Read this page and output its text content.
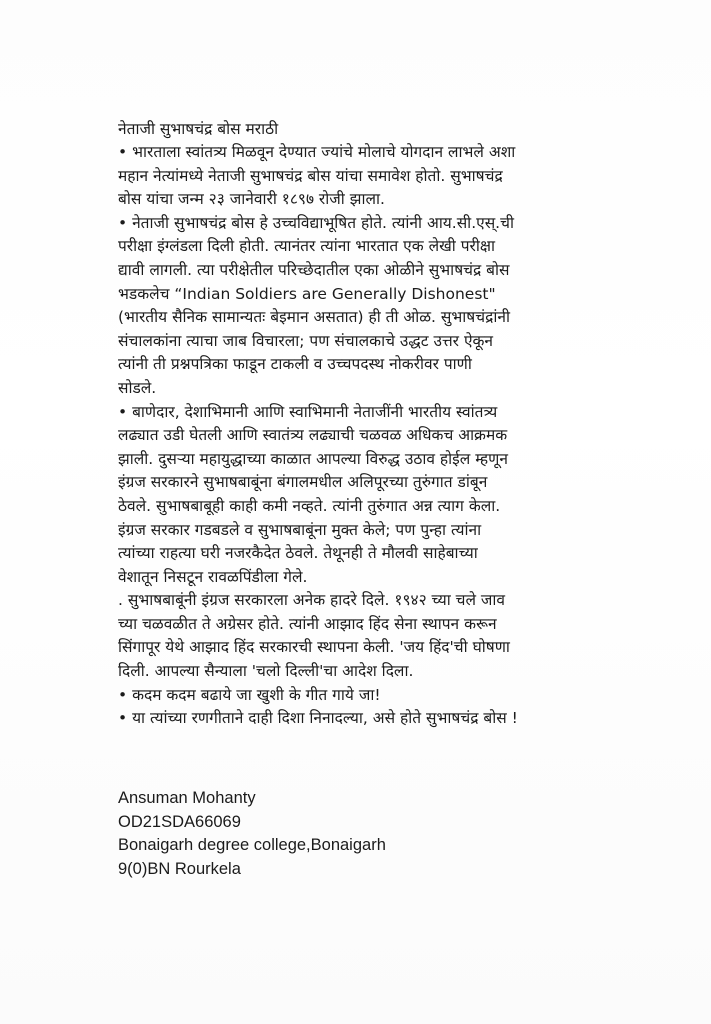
नेताजी सुभाषचंद्र बोस मराठी

• भारताला स्वांतत्र्य मिळवून देण्यात ज्यांचे मोलाचे योगदान लाभले अशा

महान नेत्यांमध्ये नेताजी सुभाषचंद्र बोस यांचा समावेश होतो. सुभाषचंद्र

बोस यांचा जन्म २३ जानेवारी १८९७ रोजी झाला.

• नेताजी सुभाषचंद्र बोस हे उच्चविद्याभूषित होते. त्यांनी आय.सी.एस्.ची

परीक्षा इंग्लंडला दिली होती. त्यानंतर त्यांना भारतात एक लेखी परीक्षा

द्यावी लागली. त्या परीक्षेतील परिच्छेदातील एका ओळीने सुभाषचंद्र बोस

भडकलेच “Indian Soldiers are Generally Dishonest"

(भारतीय सैनिक सामान्यतः बेइमान असतात) ही ती ओळ. सुभाषचंद्रांनी

संचालकांना त्याचा जाब विचारला; पण संचालकाचे उद्धट उत्तर ऐकून

त्यांनी ती प्रश्नपत्रिका फाडून टाकली व उच्चपदस्थ नोकरीवर पाणी

सोडले.

• बाणेदार, देशाभिमानी आणि स्वाभिमानी नेताजींनी भारतीय स्वांतत्र्य

लढ्यात उडी घेतली आणि स्वातंत्र्य लढ्याची चळवळ अधिकच आक्रमक

झाली. दुसऱ्या महायुद्धाच्या काळात आपल्या विरुद्ध उठाव होईल म्हणून

इंग्रज सरकारने सुभाषबाबूंना बंगालमधील अलिपूरच्या तुरुंगात डांबून

ठेवले. सुभाषबाबूही काही कमी नव्हते. त्यांनी तुरुंगात अन्न त्याग केला.

इंग्रज सरकार गडबडले व सुभाषबाबूंना मुक्त केले; पण पुन्हा त्यांना

त्यांच्या राहत्या घरी नजरकैदेत ठेवले. तेथूनही ते मौलवी साहेबाच्या

वेशातून निसटून रावळपिंडीला गेले.

. सुभाषबाबूंनी इंग्रज सरकारला अनेक हादरे दिले. १९४२ च्या चले जाव

च्या चळवळीत ते अग्रेसर होते. त्यांनी आझाद हिंद सेना स्थापन करून

सिंगापूर येथे आझाद हिंद सरकारची स्थापना केली. 'जय हिंद'ची घोषणा

दिली. आपल्या सैन्याला 'चलो दिल्ली'चा आदेश दिला.

• कदम कदम बढाये जा खुशी के गीत गाये जा!

• या त्यांच्या रणगीताने दाही दिशा निनादल्या, असे होते सुभाषचंद्र बोस !

Ansuman Mohanty

OD21SDA66069

Bonaigarh degree college,Bonaigarh

9(0)BN Rourkela
